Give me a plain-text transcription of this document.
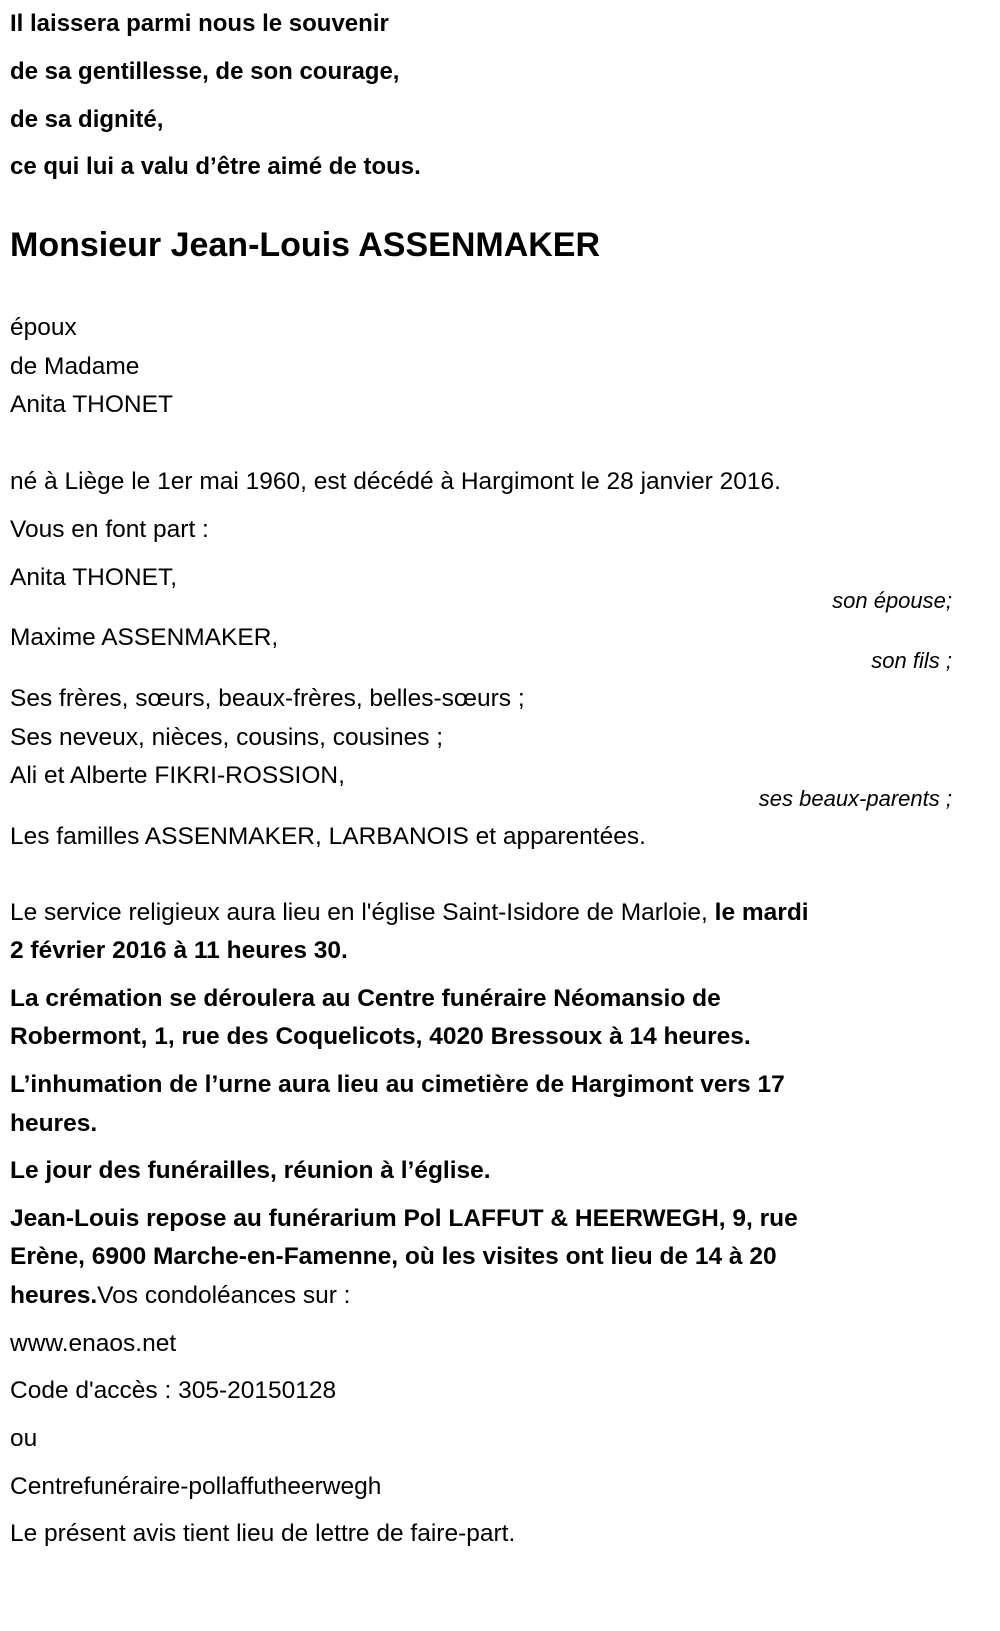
Il laissera parmi nous le souvenir
de sa gentillesse, de son courage,
de sa dignité,
ce qui lui a valu d’être aimé de tous.
Monsieur Jean-Louis ASSENMAKER
époux
de Madame
Anita THONET
né à Liège le 1er mai 1960, est décédé à Hargimont le 28 janvier 2016.
Vous en font part :
Anita THONET,
son épouse;
Maxime ASSENMAKER,
son fils ;
Ses frères, sœurs, beaux-frères, belles-sœurs ;
Ses neveux, nièces, cousins, cousines ;
Ali et Alberte FIKRI-ROSSION,
ses beaux-parents ;
Les familles ASSENMAKER, LARBANOIS et apparentées.
Le service religieux aura lieu en l'église Saint-Isidore de Marloie, le mardi
2 février 2016 à 11 heures 30.
La crémation se déroulera au Centre funéraire Néomansio de
Robermont, 1, rue des Coquelicots, 4020 Bressoux à 14 heures.
L’inhumation de l’urne aura lieu au cimetière de Hargimont vers 17
heures.
Le jour des funérailles, réunion à l’église.
Jean-Louis repose au funérarium Pol LAFFUT & HEERWEGH, 9, rue
Erène, 6900 Marche-en-Famenne, où les visites ont lieu de 14 à 20
heures.Vos condoléances sur :
www.enaos.net
Code d'accès : 305-20150128
ou
Centrefunéraire-pollaffutheerwegh
Le présent avis tient lieu de lettre de faire-part.
